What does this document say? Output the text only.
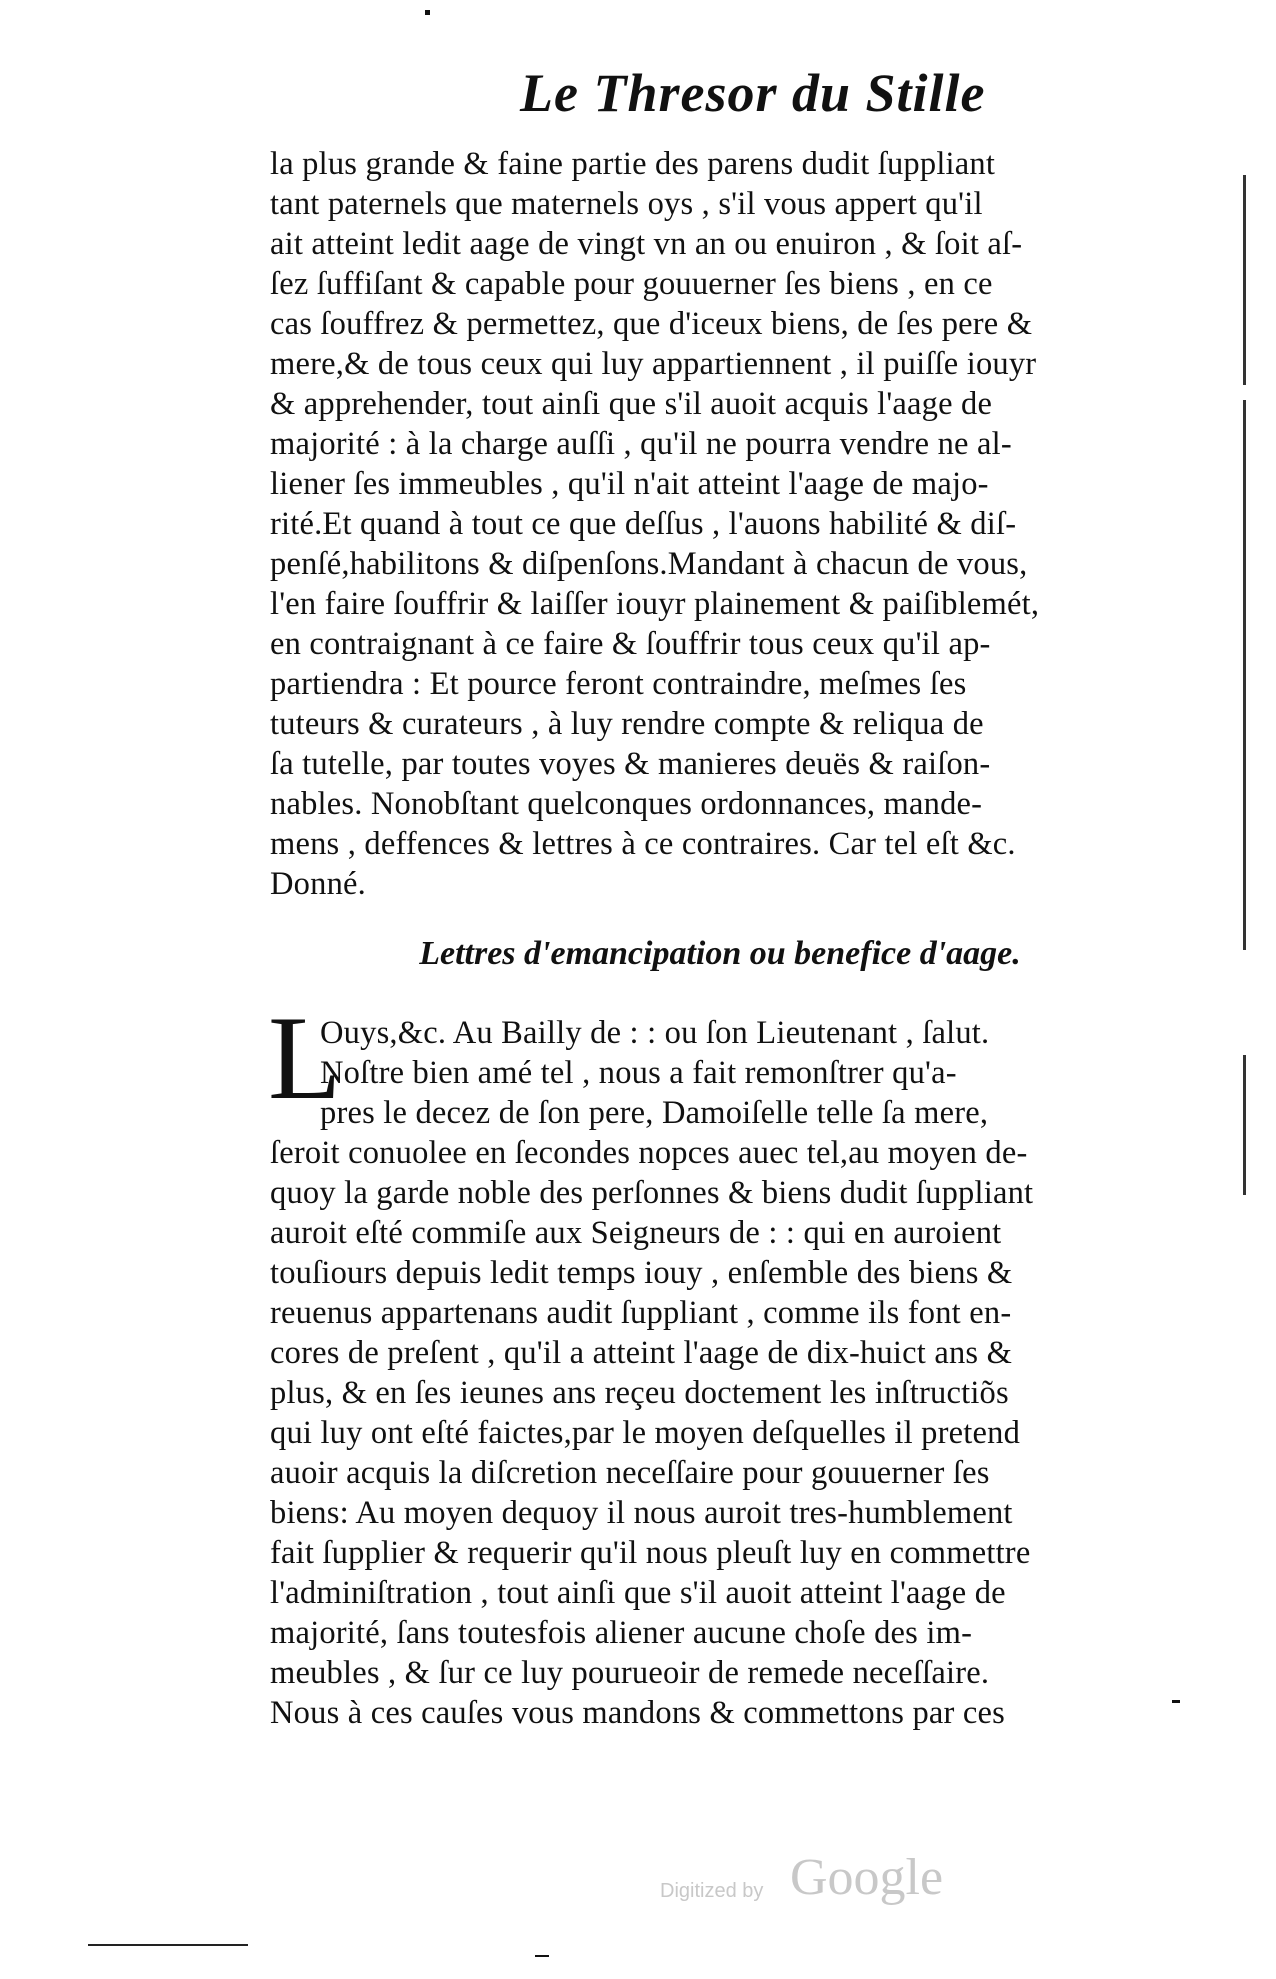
Le Thresor du Stille
la plus grande & faine partie des parens dudit ſuppliant
tant paternels que maternels oys , s'il vous appert qu'il
ait atteint ledit aage de vingt vn an ou enuiron , & ſoit aſ-
ſez ſuffiſant & capable pour gouuerner ſes biens , en ce
cas ſouffrez & permettez, que d'iceux biens, de ſes pere &
mere,& de tous ceux qui luy appartiennent , il puiſſe iouyr
& apprehender, tout ainſi que s'il auoit acquis l'aage de
majorité : à la charge auſſi , qu'il ne pourra vendre ne al-
liener ſes immeubles , qu'il n'ait atteint l'aage de majo-
rité.Et quand à tout ce que deſſus , l'auons habilité & diſ-
penſé,habilitons & diſpenſons.Mandant à chacun de vous,
l'en faire ſouffrir & laiſſer iouyr plainement & paiſiblemét,
en contraignant à ce faire & ſouffrir tous ceux qu'il ap-
partiendra : Et pource feront contraindre, meſmes ſes
tuteurs & curateurs , à luy rendre compte & reliqua de
ſa tutelle, par toutes voyes & manieres deuës & raiſon-
nables. Nonobſtant quelconques ordonnances, mande-
mens , deffences & lettres à ce contraires. Car tel eſt &c.
Donné.
Lettres d'emancipation ou benefice d'aage.
L
Ouys,&c. Au Bailly de : : ou ſon Lieutenant , ſalut.
Noſtre bien amé tel , nous a fait remonſtrer qu'a-
pres le decez de ſon pere, Damoiſelle telle ſa mere,
ſeroit conuolee en ſecondes nopces auec tel,au moyen de-
quoy la garde noble des perſonnes & biens dudit ſuppliant
auroit eſté commiſe aux Seigneurs de : : qui en auroient
touſiours depuis ledit temps iouy , enſemble des biens &
reuenus appartenans audit ſuppliant , comme ils font en-
cores de preſent , qu'il a atteint l'aage de dix-huict ans &
plus, & en ſes ieunes ans reçeu doctement les inſtructiõs
qui luy ont eſté faictes,par le moyen deſquelles il pretend
auoir acquis la diſcretion neceſſaire pour gouuerner ſes
biens: Au moyen dequoy il nous auroit tres-humblement
fait ſupplier & requerir qu'il nous pleuſt luy en commettre
l'adminiſtration , tout ainſi que s'il auoit atteint l'aage de
majorité, ſans toutesfois aliener aucune choſe des im-
meubles , & ſur ce luy pourueoir de remede neceſſaire.
Nous à ces cauſes vous mandons & commettons par ces
Digitized by Google
